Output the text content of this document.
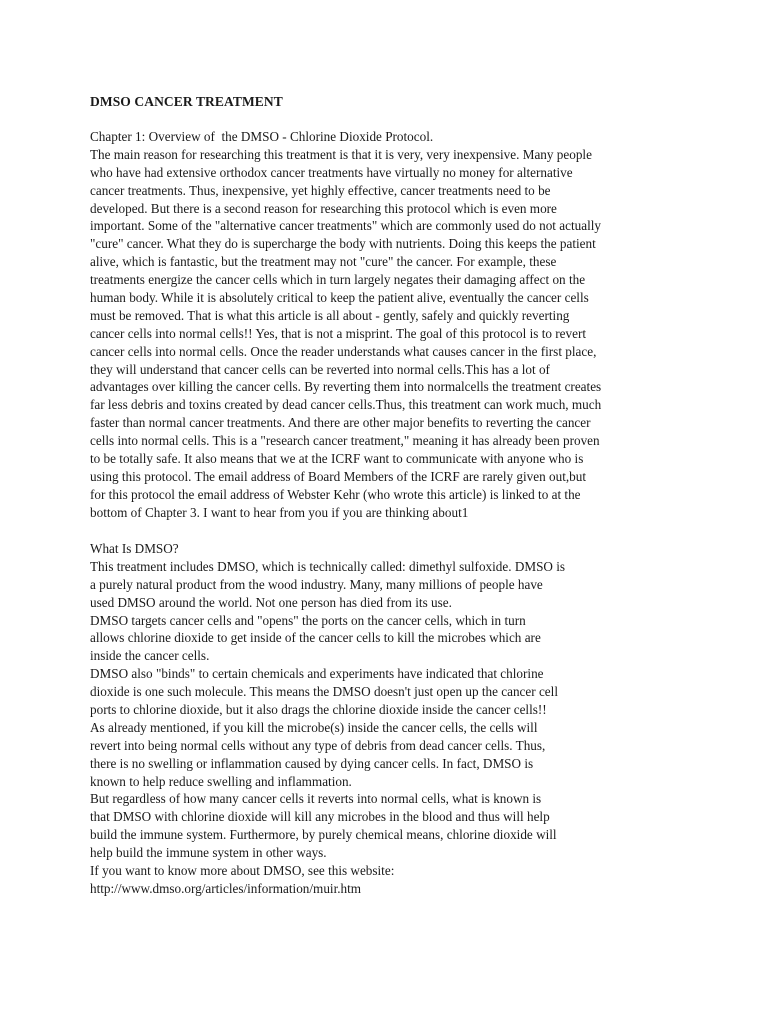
DMSO CANCER TREATMENT
Chapter 1: Overview of  the DMSO - Chlorine Dioxide Protocol.
The main reason for researching this treatment is that it is very, very inexpensive. Many people
who have had extensive orthodox cancer treatments have virtually no money for alternative
cancer treatments. Thus, inexpensive, yet highly effective, cancer treatments need to be
developed. But there is a second reason for researching this protocol which is even more
important. Some of the "alternative cancer treatments" which are commonly used do not actually
"cure" cancer. What they do is supercharge the body with nutrients. Doing this keeps the patient
alive, which is fantastic, but the treatment may not "cure" the cancer. For example, these
treatments energize the cancer cells which in turn largely negates their damaging affect on the
human body. While it is absolutely critical to keep the patient alive, eventually the cancer cells
must be removed. That is what this article is all about - gently, safely and quickly reverting
cancer cells into normal cells!! Yes, that is not a misprint. The goal of this protocol is to revert
cancer cells into normal cells. Once the reader understands what causes cancer in the first place,
they will understand that cancer cells can be reverted into normal cells.This has a lot of
advantages over killing the cancer cells. By reverting them into normalcells the treatment creates
far less debris and toxins created by dead cancer cells.Thus, this treatment can work much, much
faster than normal cancer treatments. And there are other major benefits to reverting the cancer
cells into normal cells. This is a "research cancer treatment," meaning it has already been proven
to be totally safe. It also means that we at the ICRF want to communicate with anyone who is
using this protocol. The email address of Board Members of the ICRF are rarely given out,but
for this protocol the email address of Webster Kehr (who wrote this article) is linked to at the
bottom of Chapter 3. I want to hear from you if you are thinking about1
What Is DMSO?
This treatment includes DMSO, which is technically called: dimethyl sulfoxide. DMSO is
a purely natural product from the wood industry. Many, many millions of people have
used DMSO around the world. Not one person has died from its use.
DMSO targets cancer cells and "opens" the ports on the cancer cells, which in turn
allows chlorine dioxide to get inside of the cancer cells to kill the microbes which are
inside the cancer cells.
DMSO also "binds" to certain chemicals and experiments have indicated that chlorine
dioxide is one such molecule. This means the DMSO doesn't just open up the cancer cell
ports to chlorine dioxide, but it also drags the chlorine dioxide inside the cancer cells!!
As already mentioned, if you kill the microbe(s) inside the cancer cells, the cells will
revert into being normal cells without any type of debris from dead cancer cells. Thus,
there is no swelling or inflammation caused by dying cancer cells. In fact, DMSO is
known to help reduce swelling and inflammation.
But regardless of how many cancer cells it reverts into normal cells, what is known is
that DMSO with chlorine dioxide will kill any microbes in the blood and thus will help
build the immune system. Furthermore, by purely chemical means, chlorine dioxide will
help build the immune system in other ways.
If you want to know more about DMSO, see this website:
http://www.dmso.org/articles/information/muir.htm
